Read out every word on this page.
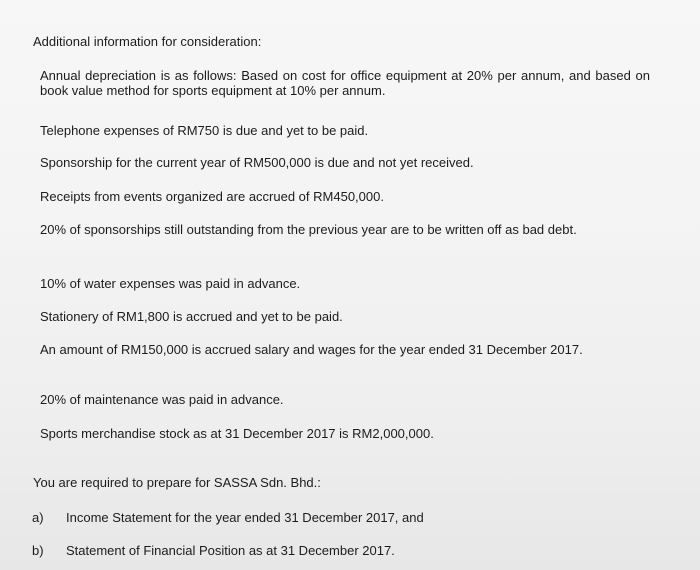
Additional information for consideration:
Annual depreciation is as follows: Based on cost for office equipment at 20% per annum, and based on book value method for sports equipment at 10% per annum.
Telephone expenses of RM750 is due and yet to be paid.
Sponsorship for the current year of RM500,000 is due and not yet received.
Receipts from events organized are accrued of RM450,000.
20% of sponsorships still outstanding from the previous year are to be written off as bad debt.
10% of water expenses was paid in advance.
Stationery of RM1,800 is accrued and yet to be paid.
An amount of RM150,000 is accrued salary and wages for the year ended 31 December 2017.
20% of maintenance was paid in advance.
Sports merchandise stock as at 31 December 2017 is RM2,000,000.
You are required to prepare for SASSA Sdn. Bhd.:
a) Income Statement for the year ended 31 December 2017, and
b) Statement of Financial Position as at 31 December 2017.
